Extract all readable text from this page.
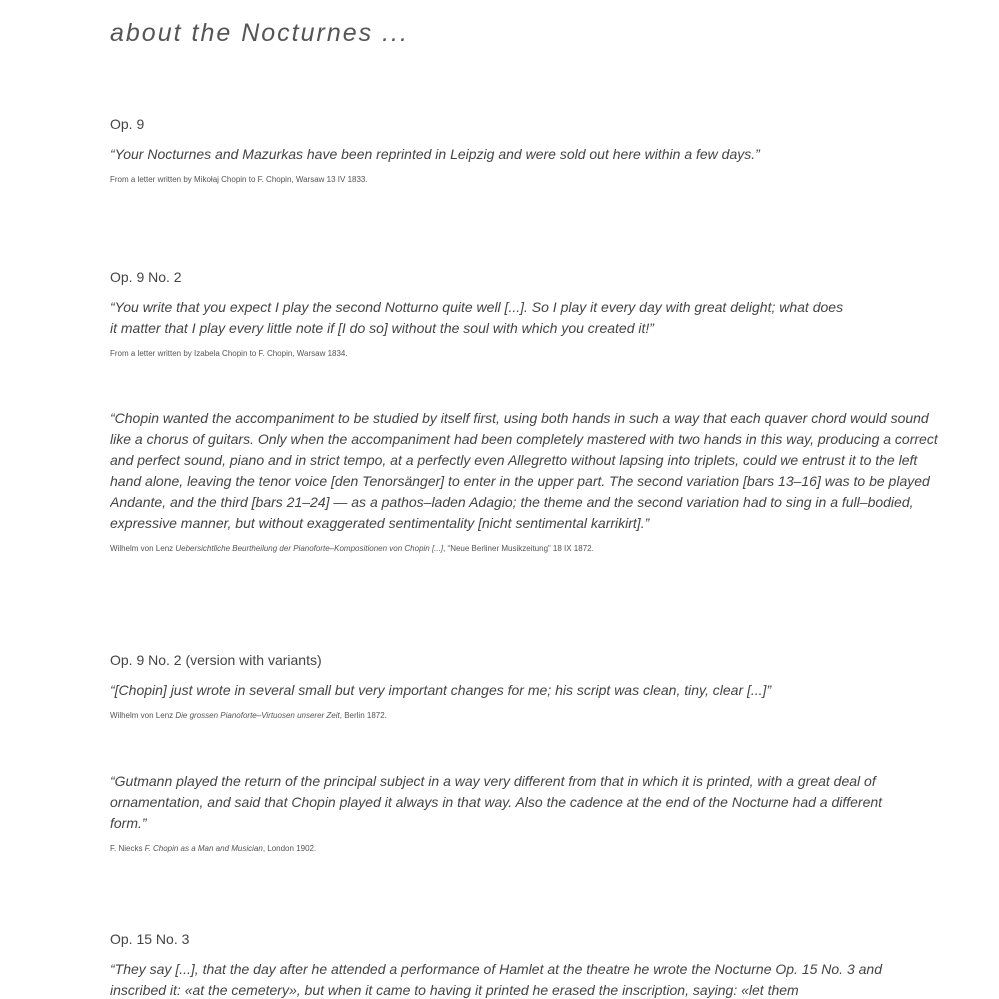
about the Nocturnes ...
Op. 9

“Your Nocturnes and Mazurkas have been reprinted in Leipzig and were sold out here within a few days.”

From a letter written by Mikołaj Chopin to F. Chopin, Warsaw 13 IV 1833.
Op. 9 No. 2

“You write that you expect I play the second Notturno quite well [...]. So I play it every day with great delight; what does it matter that I play every little note if [I do so] without the soul with which you created it!”

From a letter written by Izabela Chopin to F. Chopin, Warsaw 1834.

“Chopin wanted the accompaniment to be studied by itself first, using both hands in such a way that each quaver chord would sound like a chorus of guitars. Only when the accompaniment had been completely mastered with two hands in this way, producing a correct and perfect sound, piano and in strict tempo, at a perfectly even Allegretto without lapsing into triplets, could we entrust it to the left hand alone, leaving the tenor voice [den Tenorsänger] to enter in the upper part. The second variation [bars 13–16] was to be played Andante, and the third [bars 21–24] — as a pathos–laden Adagio; the theme and the second variation had to sing in a full–bodied, expressive manner, but without exaggerated sentimentality [nicht sentimental karrikirt].”

Wilhelm von Lenz Uebersichtliche Beurtheilung der Pianoforte–Kompositionen von Chopin [...], “Neue Berliner Musikzeitung” 18 IX 1872.
Op. 9 No. 2 (version with variants)

“[Chopin] just wrote in several small but very important changes for me; his script was clean, tiny, clear [...]”

Wilhelm von Lenz Die grossen Pianoforte–Virtuosen unserer Zeit, Berlin 1872.

“Gutmann played the return of the principal subject in a way very different from that in which it is printed, with a great deal of ornamentation, and said that Chopin played it always in that way. Also the cadence at the end of the Nocturne had a different form.”

F. Niecks F. Chopin as a Man and Musician, London 1902.
Op. 15 No. 3

“They say [...], that the day after he attended a performance of Hamlet at the theatre he wrote the Nocturne Op. 15 No. 3 and inscribed it: «at the cemetery», but when it came to having it printed he erased the inscription, saying: «let them
